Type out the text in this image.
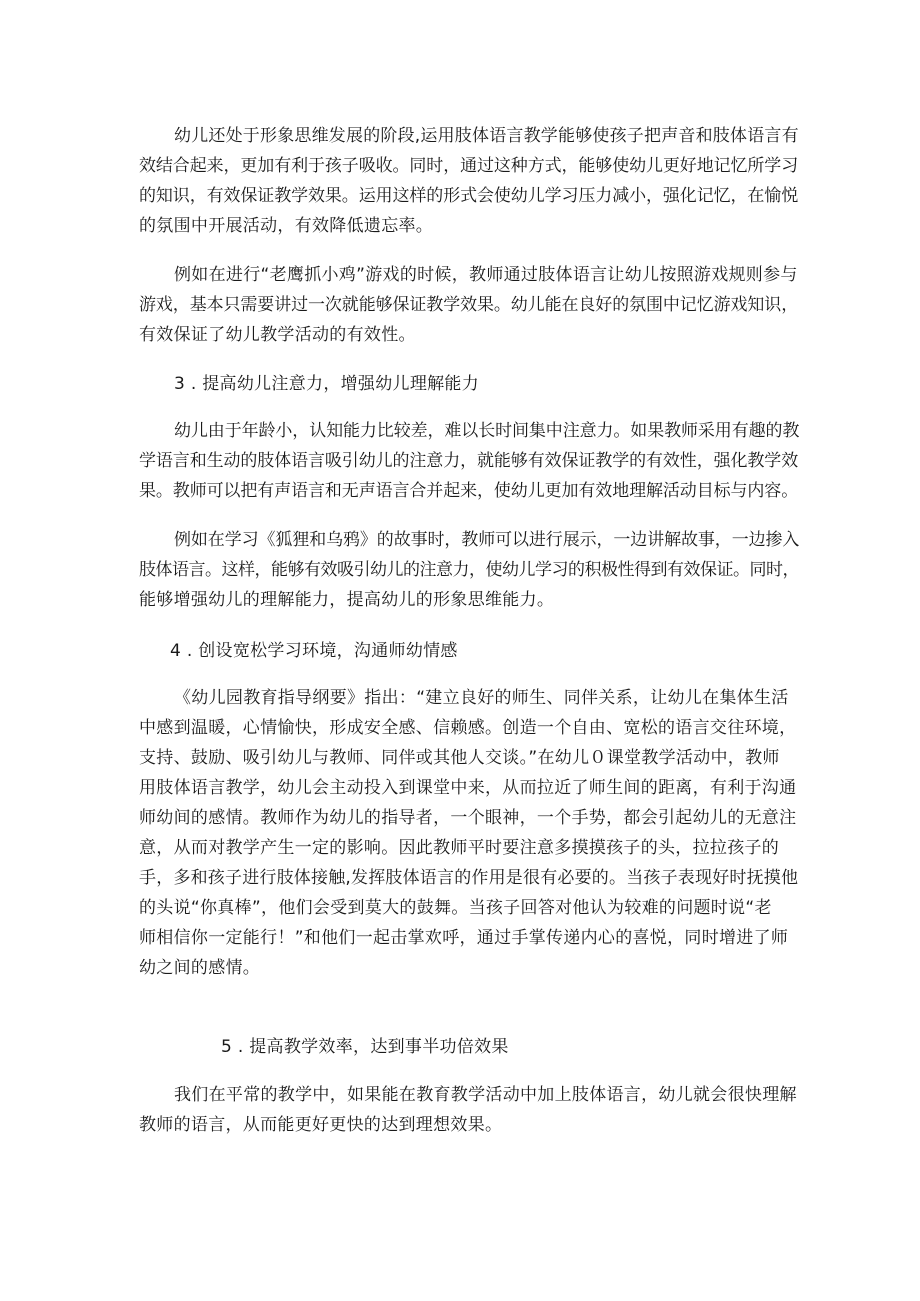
幼儿还处于形象思维发展的阶段,运用肢体语言教学能够使孩子把声音和肢体语言有
效结合起来，更加有利于孩子吸收。同时，通过这种方式，能够使幼儿更好地记忆所学习
的知识，有效保证教学效果。运用这样的形式会使幼儿学习压力减小，强化记忆，在愉悦
的氛围中开展活动，有效降低遗忘率。
例如在进行“老鹰抓小鸡”游戏的时候，教师通过肢体语言让幼儿按照游戏规则参与
游戏，基本只需要讲过一次就能够保证教学效果。幼儿能在良好的氛围中记忆游戏知识，
有效保证了幼儿教学活动的有效性。
3 . 提高幼儿注意力，增强幼儿理解能力
幼儿由于年龄小，认知能力比较差，难以长时间集中注意力。如果教师采用有趣的教
学语言和生动的肢体语言吸引幼儿的注意力，就能够有效保证教学的有效性，强化教学效
果。教师可以把有声语言和无声语言合并起来，使幼儿更加有效地理解活动目标与内容。
例如在学习《狐狸和乌鸦》的故事时，教师可以进行展示，一边讲解故事，一边掺入
肢体语言。这样，能够有效吸引幼儿的注意力，使幼儿学习的积极性得到有效保证。同时，
能够增强幼儿的理解能力，提高幼儿的形象思维能力。
4 . 创设宽松学习环境，沟通师幼情感
《幼儿园教育指导纲要》指出：“建立良好的师生、同伴关系，让幼儿在集体生活
中感到温暖，心情愉快，形成安全感、信赖感。创造一个自由、宽松的语言交往环境，
支持、鼓励、吸引幼儿与教师、同伴或其他人交谈。”在幼儿０课堂教学活动中，教师
用肢体语言教学，幼儿会主动投入到课堂中来，从而拉近了师生间的距离，有利于沟通
师幼间的感情。教师作为幼儿的指导者，一个眼神，一个手势，都会引起幼儿的无意注
意，从而对教学产生一定的影响。因此教师平时要注意多摸摸孩子的头，拉拉孩子的
手，多和孩子进行肢体接触,发挥肢体语言的作用是很有必要的。当孩子表现好时抚摸他
的头说“你真棒”，他们会受到莫大的鼓舞。当孩子回答对他认为较难的问题时说“老
师相信你一定能行！”和他们一起击掌欢呼，通过手掌传递内心的喜悦，同时增进了师
幼之间的感情。
5 . 提高教学效率，达到事半功倍效果
我们在平常的教学中，如果能在教育教学活动中加上肢体语言，幼儿就会很快理解
教师的语言，从而能更好更快的达到理想效果。
